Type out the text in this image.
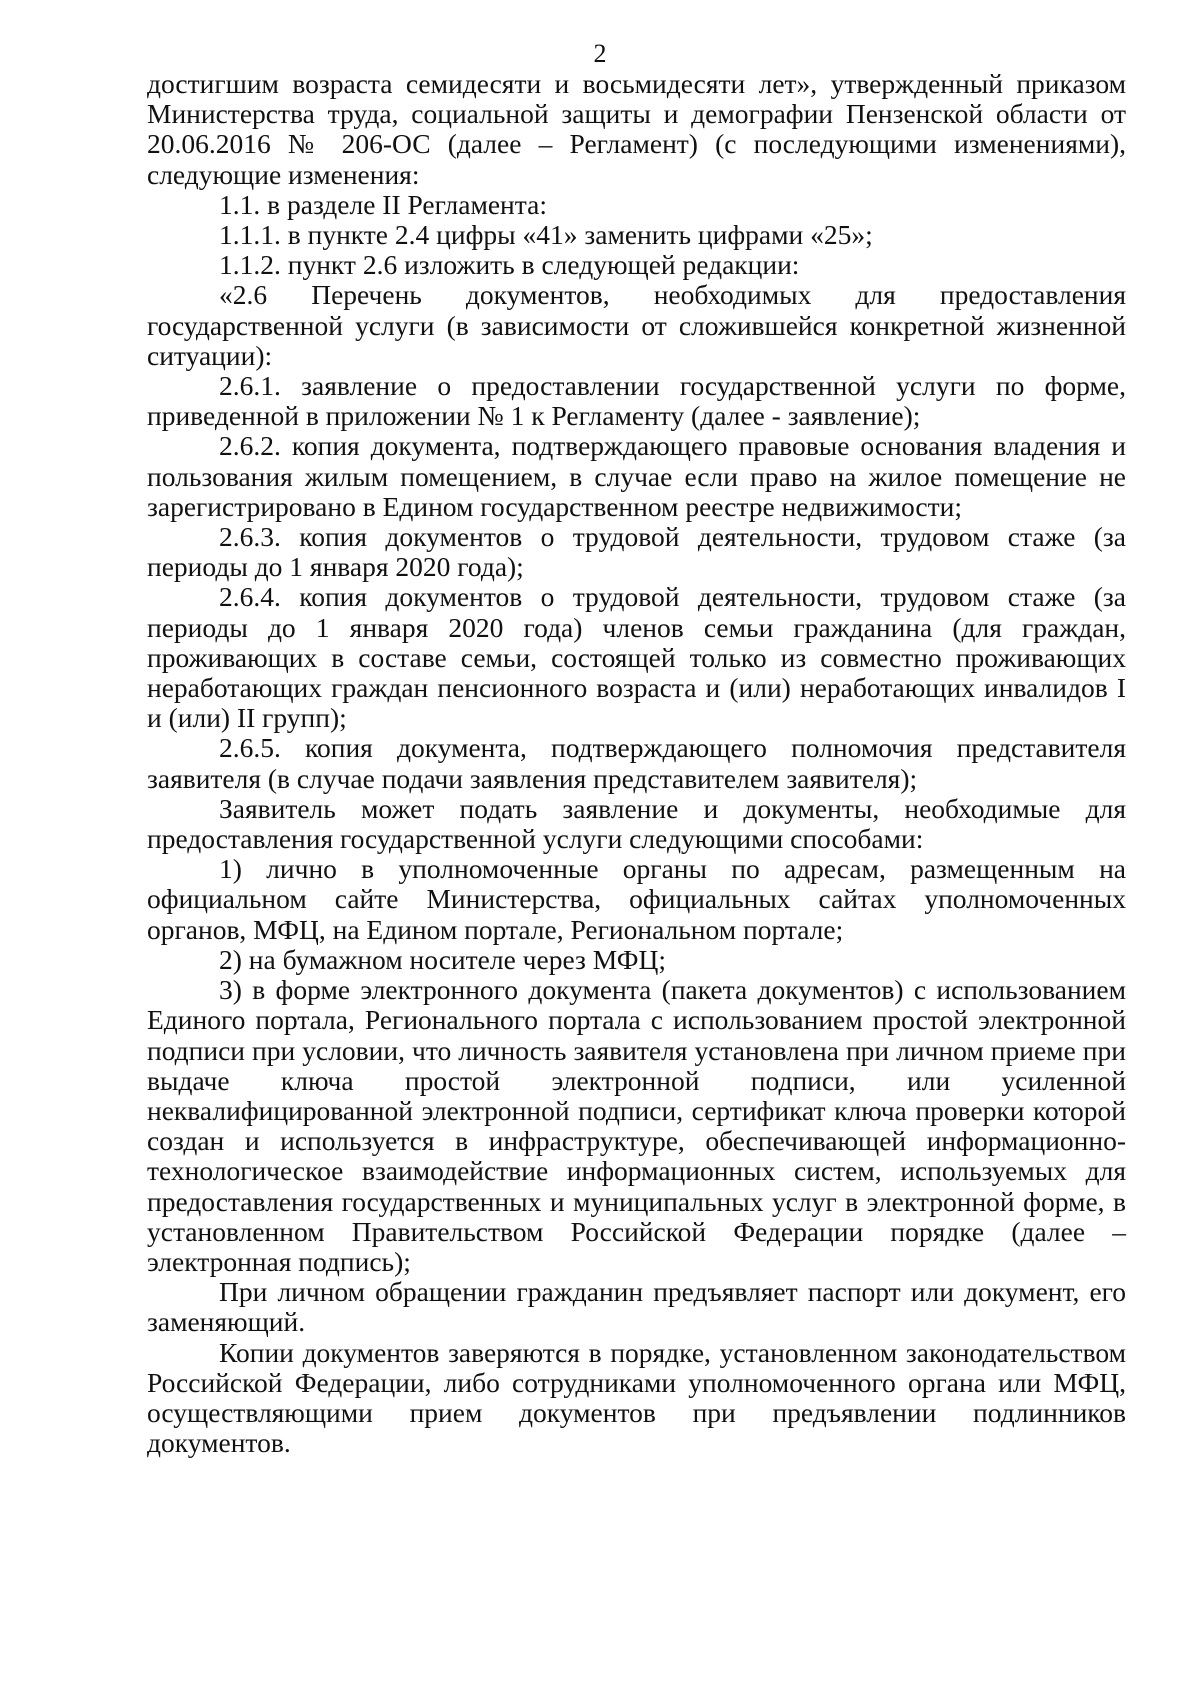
2

достигшим возраста семидесяти и восьмидесяти лет», утвержденный приказом Министерства труда, социальной защиты и демографии Пензенской области от 20.06.2016 № 206-ОС (далее – Регламент) (с последующими изменениями), следующие изменения:

1.1. в разделе II Регламента:

1.1.1. в пункте 2.4 цифры «41» заменить цифрами «25»;

1.1.2. пункт 2.6 изложить в следующей редакции:

«2.6 Перечень документов, необходимых для предоставления государственной услуги (в зависимости от сложившейся конкретной жизненной ситуации):

2.6.1. заявление о предоставлении государственной услуги по форме, приведенной в приложении № 1 к Регламенту (далее - заявление);

2.6.2. копия документа, подтверждающего правовые основания владения и пользования жилым помещением, в случае если право на жилое помещение не зарегистрировано в Едином государственном реестре недвижимости;

2.6.3. копия документов о трудовой деятельности, трудовом стаже (за периоды до 1 января 2020 года);

2.6.4. копия документов о трудовой деятельности, трудовом стаже (за периоды до 1 января 2020 года) членов семьи гражданина (для граждан, проживающих в составе семьи, состоящей только из совместно проживающих неработающих граждан пенсионного возраста и (или) неработающих инвалидов I и (или) II групп);

2.6.5. копия документа, подтверждающего полномочия представителя заявителя (в случае подачи заявления представителем заявителя);

Заявитель может подать заявление и документы, необходимые для предоставления государственной услуги следующими способами:

1) лично в уполномоченные органы по адресам, размещенным на официальном сайте Министерства, официальных сайтах уполномоченных органов, МФЦ, на Едином портале, Региональном портале;

2) на бумажном носителе через МФЦ;

3) в форме электронного документа (пакета документов) с использованием Единого портала, Регионального портала с использованием простой электронной подписи при условии, что личность заявителя установлена при личном приеме при выдаче ключа простой электронной подписи, или усиленной неквалифицированной электронной подписи, сертификат ключа проверки которой создан и используется в инфраструктуре, обеспечивающей информационно-технологическое взаимодействие информационных систем, используемых для предоставления государственных и муниципальных услуг в электронной форме, в установленном Правительством Российской Федерации порядке (далее – электронная подпись);

При личном обращении гражданин предъявляет паспорт или документ, его заменяющий.

Копии документов заверяются в порядке, установленном законодательством Российской Федерации, либо сотрудниками уполномоченного органа или МФЦ, осуществляющими прием документов при предъявлении подлинников документов.
